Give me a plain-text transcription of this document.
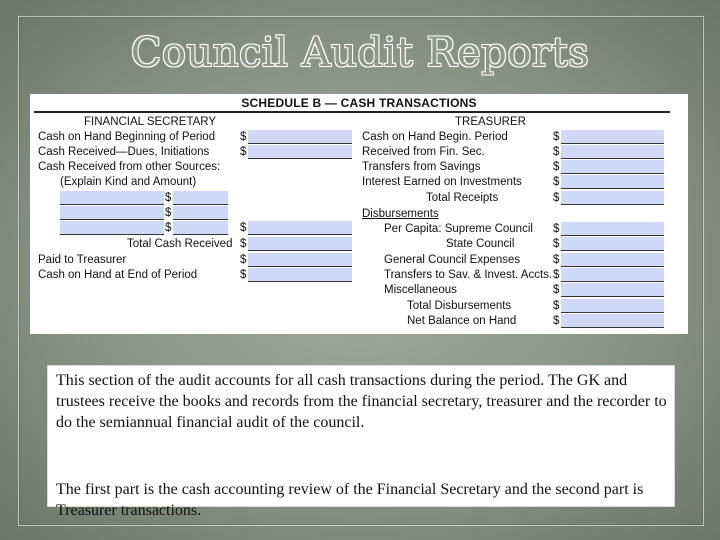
Council Audit Reports
SCHEDULE B — CASH TRANSACTIONS
FINANCIAL SECRETARY
Cash on Hand Beginning of Period
Cash Received—Dues, Initiations
Cash Received from other Sources:
(Explain Kind and Amount)
Total Cash Received
Paid to Treasurer
Cash on Hand at End of Period
$
$
$
$
$	$
$
$
$
TREASURER
Cash on Hand Begin. Period
Received from Fin. Sec.
Transfers from Savings
Interest Earned on Investments
Total Receipts
Disbursements
Per Capita: Supreme Council
State Council
General Council Expenses
Transfers to Sav. & Invest. Accts.
Miscellaneous
Total Disbursements
Net Balance on Hand
$
$
$
$
$
$
$
$
$
$
$
$
This section of the audit accounts for all cash transactions during the period. The GK and trustees receive the books and records from the financial secretary, treasurer and the recorder to do the semiannual financial audit of the council.
The first part is the cash accounting review of the Financial Secretary and the second part is Treasurer transactions.
